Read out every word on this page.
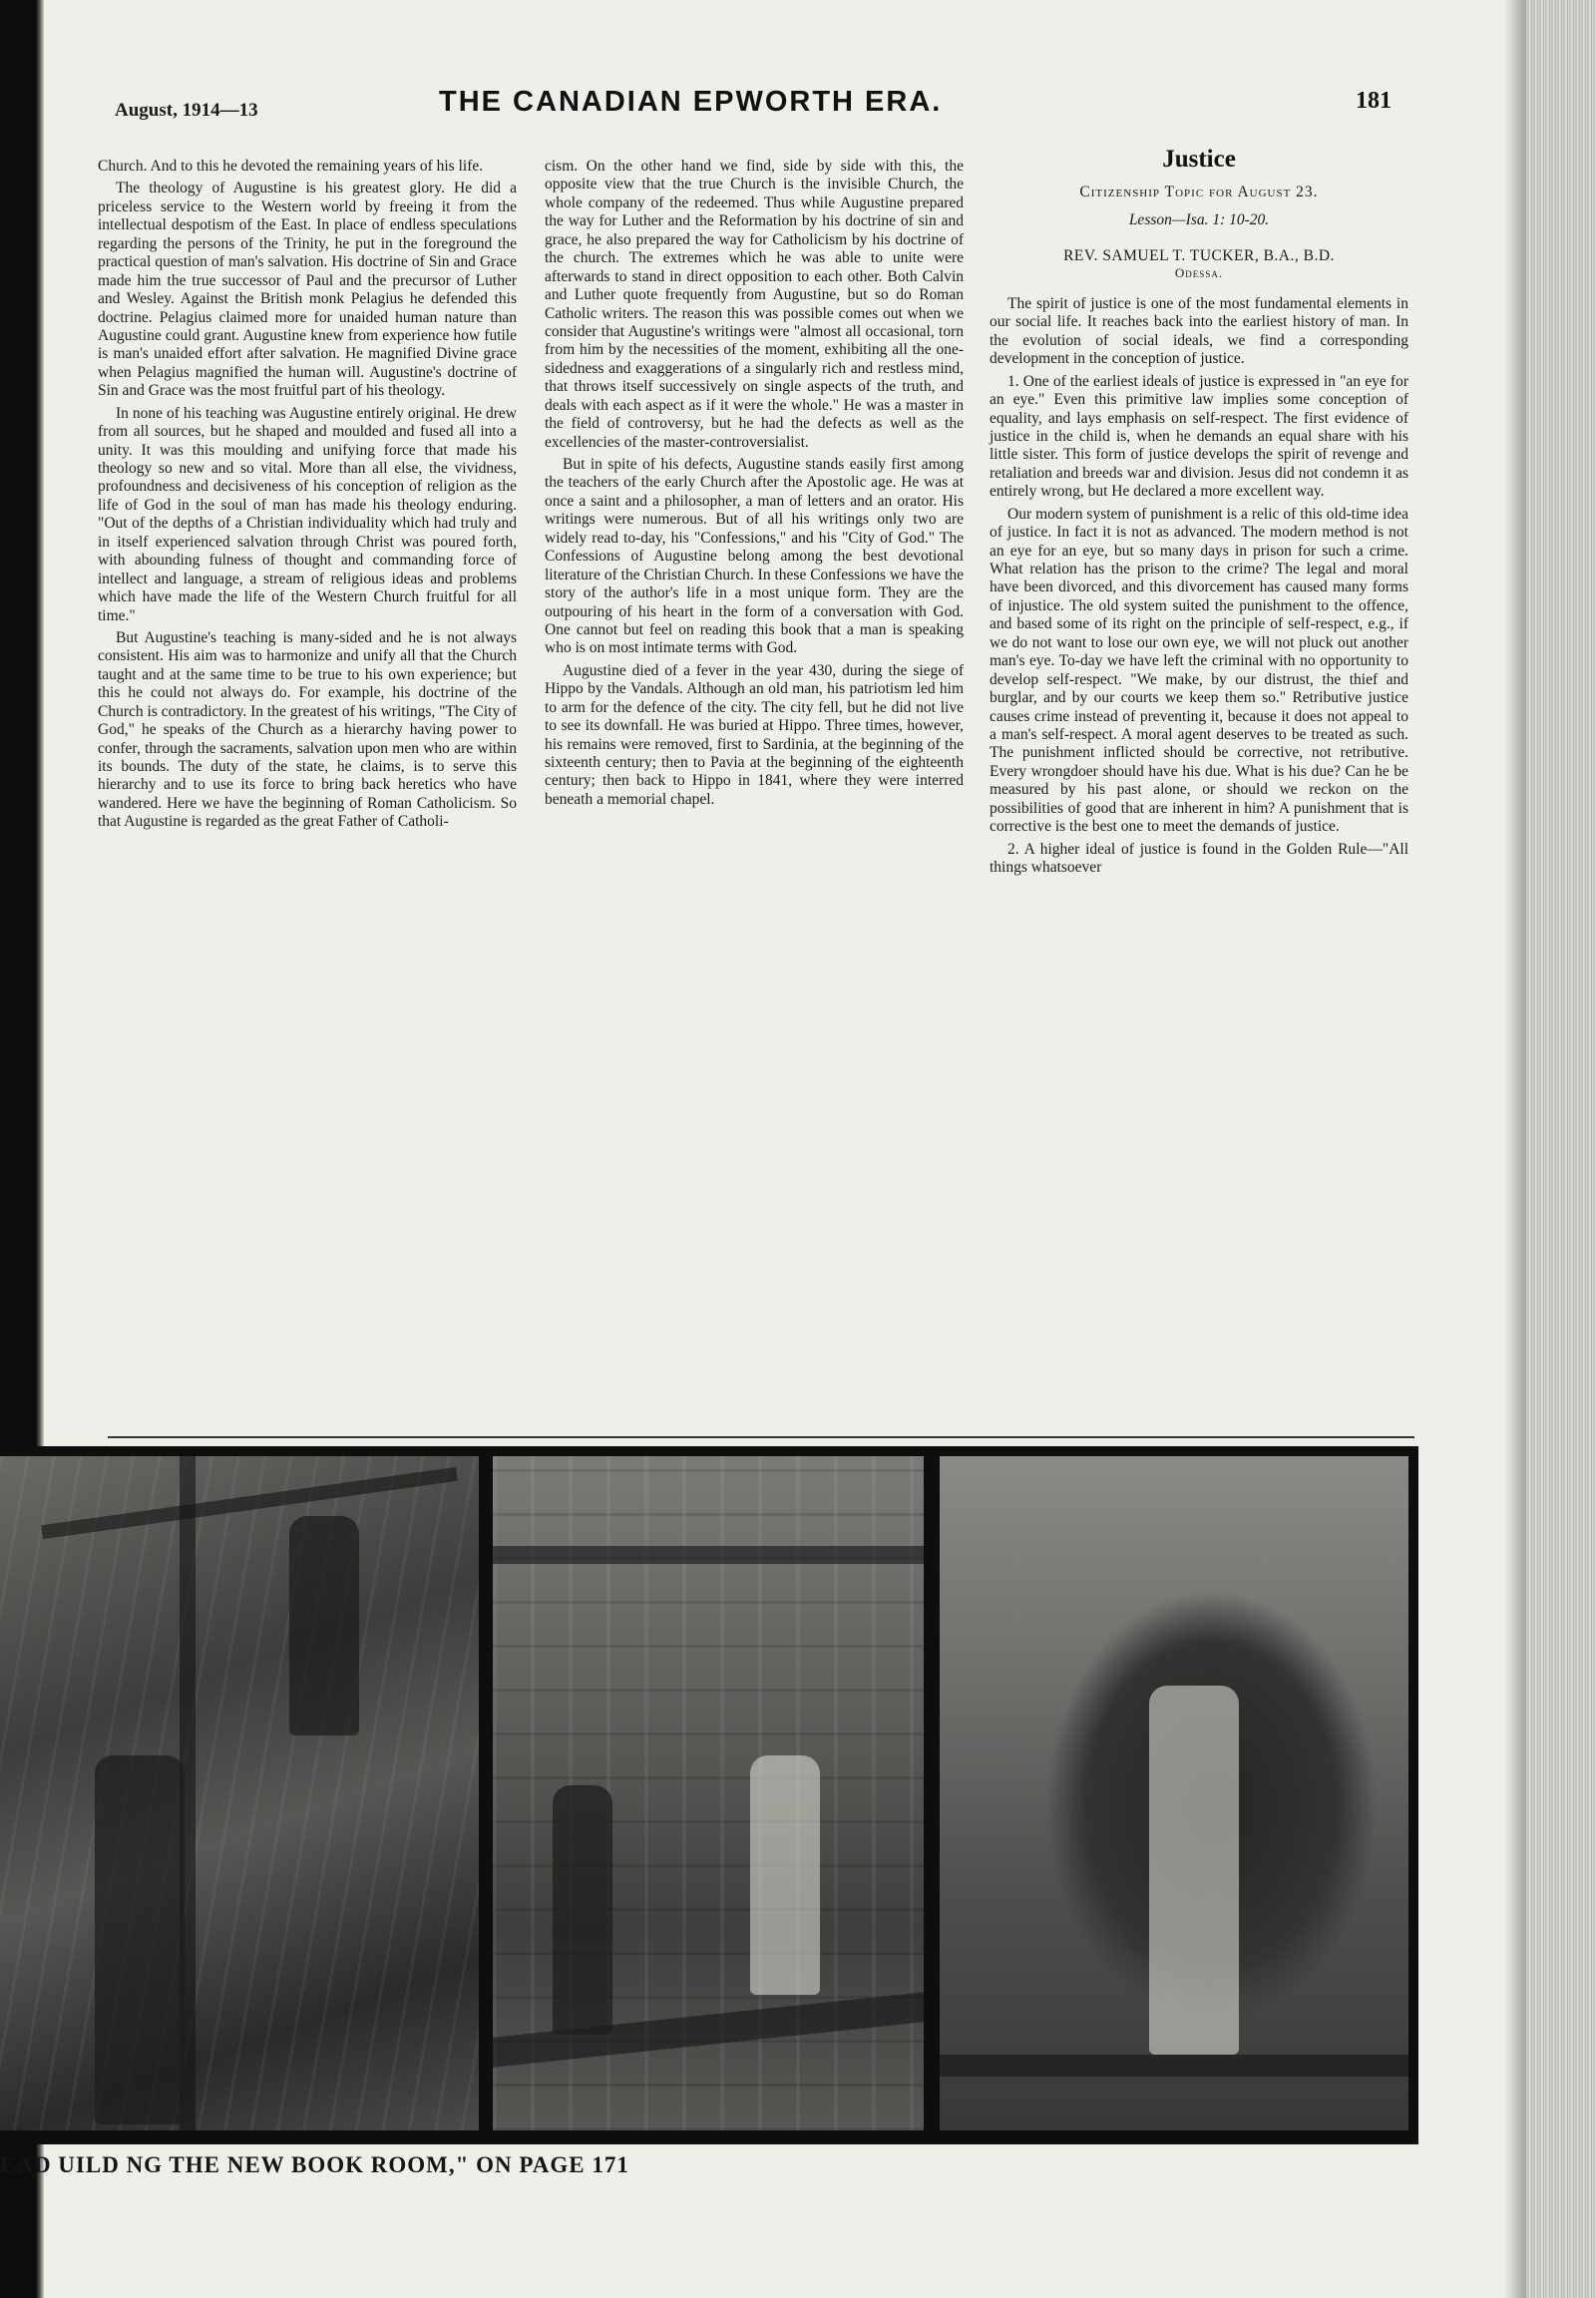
August, 1914—13	THE CANADIAN EPWORTH ERA.	181

Church. And to this he devoted the remaining years of his life.

The theology of Augustine is his greatest glory. He did a priceless service to the Western world by freeing it from the intellectual despotism of the East. In place of endless speculations regarding the persons of the Trinity, he put in the foreground the practical question of man's salvation. His doctrine of Sin and Grace made him the true successor of Paul and the precursor of Luther and Wesley. Against the British monk Pelagius he defended this doctrine. Pelagius claimed more for unaided human nature than Augustine could grant. Augustine knew from experience how futile is man's unaided effort after salvation. He magnified Divine grace when Pelagius magnified the human will. Augustine's doctrine of Sin and Grace was the most fruitful part of his theology.

In none of his teaching was Augustine entirely original. He drew from all sources, but he shaped and moulded and fused all into a unity. It was this moulding and unifying force that made his theology so new and so vital. More than all else, the vividness, profoundness and decisiveness of his conception of religion as the life of God in the soul of man has made his theology enduring. "Out of the depths of a Christian individuality which had truly and in itself experienced salvation through Christ was poured forth, with abounding fulness of thought and commanding force of intellect and language, a stream of religious ideas and problems which have made the life of the Western Church fruitful for all time."

But Augustine's teaching is many-sided and he is not always consistent. His aim was to harmonize and unify all that the Church taught and at the same time to be true to his own experience; but this he could not always do. For example, his doctrine of the Church is contradictory. In the greatest of his writings, "The City of God," he speaks of the Church as a hierarchy having power to confer, through the sacraments, salvation upon men who are within its bounds. The duty of the state, he claims, is to serve this hierarchy and to use its force to bring back heretics who have wandered. Here we have the beginning of Roman Catholicism. So that Augustine is regarded as the great Father of Catholi-

cism. On the other hand we find, side by side with this, the opposite view that the true Church is the invisible Church, the whole company of the redeemed. Thus while Augustine prepared the way for Luther and the Reformation by his doctrine of sin and grace, he also prepared the way for Catholicism by his doctrine of the church. The extremes which he was able to unite were afterwards to stand in direct opposition to each other. Both Calvin and Luther quote frequently from Augustine, but so do Roman Catholic writers. The reason this was possible comes out when we consider that Augustine's writings were "almost all occasional, torn from him by the necessities of the moment, exhibiting all the one-sidedness and exaggerations of a singularly rich and restless mind, that throws itself successively on single aspects of the truth, and deals with each aspect as if it were the whole." He was a master in the field of controversy, but he had the defects as well as the excellencies of the master-controversialist.

But in spite of his defects, Augustine stands easily first among the teachers of the early Church after the Apostolic age. He was at once a saint and a philosopher, a man of letters and an orator. His writings were numerous. But of all his writings only two are widely read to-day, his "Confessions," and his "City of God." The Confessions of Augustine belong among the best devotional literature of the Christian Church. In these Confessions we have the story of the author's life in a most unique form. They are the outpouring of his heart in the form of a conversation with God. One cannot but feel on reading this book that a man is speaking who is on most intimate terms with God.

Augustine died of a fever in the year 430, during the siege of Hippo by the Vandals. Although an old man, his patriotism led him to arm for the defence of the city. The city fell, but he did not live to see its downfall. He was buried at Hippo. Three times, however, his remains were removed, first to Sardinia, at the beginning of the sixteenth century; then to Pavia at the beginning of the eighteenth century; then back to Hippo in 1841, where they were interred beneath a memorial chapel.

Justice
Citizenship Topic for August 23.
Lesson—Isa. 1: 10-20.
REV. SAMUEL T. TUCKER, B.A., B.D.
Odessa.

The spirit of justice is one of the most fundamental elements in our social life. It reaches back into the earliest history of man. In the evolution of social ideals, we find a corresponding development in the conception of justice.

1. One of the earliest ideals of justice is expressed in "an eye for an eye." Even this primitive law implies some conception of equality, and lays emphasis on self-respect. The first evidence of justice in the child is, when he demands an equal share with his little sister. This form of justice develops the spirit of revenge and retaliation and breeds war and division. Jesus did not condemn it as entirely wrong, but He declared a more excellent way.

Our modern system of punishment is a relic of this old-time idea of justice. In fact it is not as advanced. The modern method is not an eye for an eye, but so many days in prison for such a crime. What relation has the prison to the crime? The legal and moral have been divorced, and this divorcement has caused many forms of injustice. The old system suited the punishment to the offence, and based some of its right on the principle of self-respect, e.g., if we do not want to lose our own eye, we will not pluck out another man's eye. To-day we have left the criminal with no opportunity to develop self-respect. "We make, by our distrust, the thief and burglar, and by our courts we keep them so." Retributive justice causes crime instead of preventing it, because it does not appeal to a man's self-respect. A moral agent deserves to be treated as such. The punishment inflicted should be corrective, not retributive. Every wrongdoer should have his due. What is his due? Can he be measured by his past alone, or should we reckon on the possibilities of good that are inherent in him? A punishment that is corrective is the best one to meet the demands of justice.

2. A higher ideal of justice is found in the Golden Rule—"All things whatsoever

EAD UILD NG THE NEW BOOK ROOM," ON PAGE 171
